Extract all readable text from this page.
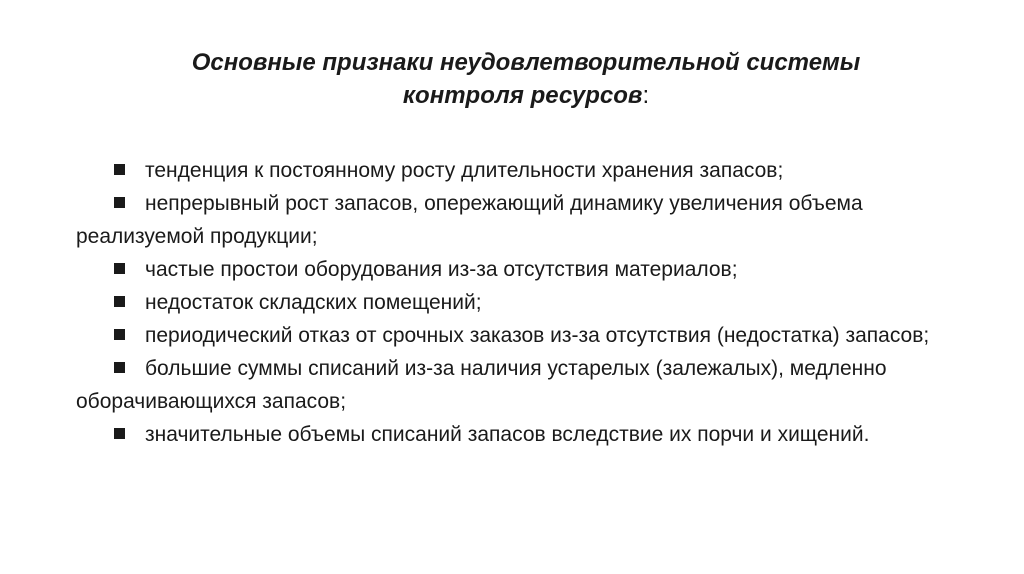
Основные признаки неудовлетворительной системы
контроля ресурсов:

тенденция к постоянному росту длительности хранения запасов;

непрерывный рост запасов, опережающий динамику увеличения объема реализуемой продукции;

частые простои оборудования из-за отсутствия материалов;

недостаток складских помещений;

периодический отказ от срочных заказов из-за отсутствия (недостатка) запасов;

большие суммы списаний из-за наличия устарелых (залежалых), медленно оборачивающихся запасов;

значительные объемы списаний запасов вследствие их порчи и хищений.
